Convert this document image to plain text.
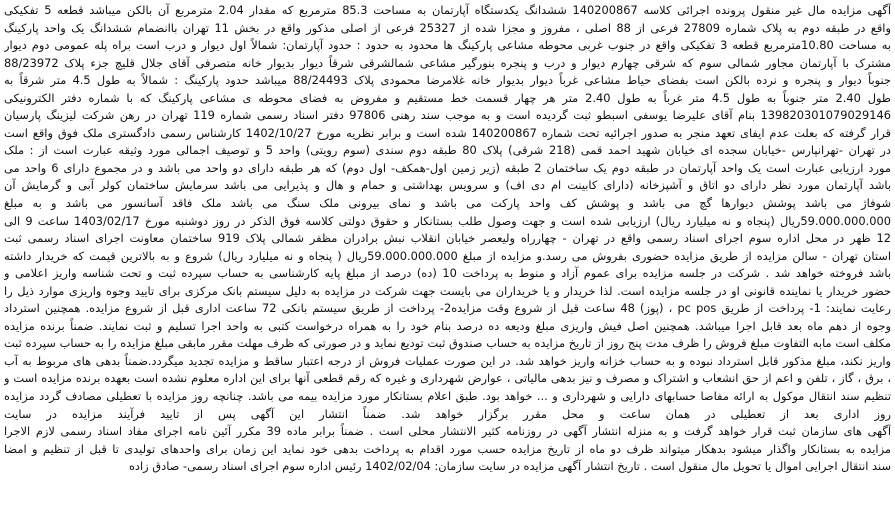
آگهی مزایده مال غیر منقول پرونده اجرائی کلاسه 140200867 ششدانگ یکدستگاه آپارتمان به مساحت 85.3 مترمربع که مقدار 2.04 مترمربع آن بالکن میباشد قطعه 5 تفکیکی
واقع در طبقه دوم به پلاک شماره 27809 فرعی از 88 اصلی ، مفروز و مجزا شده از 25327 فرعی از اصلی مذکور واقع در بخش 11 تهران باانضمام ششدانگ یک واحد پارکینگ
به مساحت 10.80مترمربع قطعه 3 تفکیکی واقع در جنوب غربی محوطه مشاعی پارکینگ ها محدود به حدود : حدود آپارتمان: شمالاً اول دیوار و درب است براه پله عمومی دوم دیوار
مشترک با آپارتمان مجاور شمالی سوم که شرقی چهارم دیوار و درب و پنجره بنورگیر مشاعی شمالشرقی شرقاً دیوار بدیوار خانه متصرفی آقای جلال قلیچ جزء پلاک 88/23972
جنوباً دیوار و پنجره و نرده بالکن است بفضای حیاط مشاعی غرباً دیوار بدیوار خانه غلامرضا محمودی پلاک 88/24493 میباشد حدود پارکینگ : شمالاً به طول 4.5 متر شرقاً به
طول 2.40 متر جنوباً به طول 4.5 متر غرباً به طول 2.40 متر هر چهار قسمت خط مستقیم و مفروض به فضای محوطه ی مشاعی پارکینگ که با شماره دفتر الکترونیکی
139820301079029146 بنام آقای علیرضا یوسفی اسبطو ثبت گردیده است و به موجب سند رهنی 97806 دفتر اسناد رسمی شماره 119 تهران در رهن شرکت لیزینگ پارسیان
قرار گرفته که بعلت عدم ایفای تعهد منجر به صدور اجرائیه تحت شماره 140200867 شده است و برابر نظریه مورخ 1402/10/27 کارشناس رسمی دادگستری ملک فوق واقع است
در تهران -تهرانپارس -خیابان سجده ای خیابان شهید احمد قمی (218 شرقی) پلاک 80 طبقه دوم سندی (سوم رویتی) واحد 5 و توصیف اجمالی مورد وثیقه عبارت است از : ملک
مورد ارزیابی عبارت است یک واحد آپارتمان در طبقه دوم یک ساختمان 2 طبقه (زیر زمین اول-همکف- اول دوم) که هر طبقه دارای دو واحد می باشد و در مجموع دارای 6 واحد می
باشد آپارتمان مورد نظر دارای دو اتاق و آشپزخانه (دارای کابینت ام دی اف) و سرویس بهداشتی و حمام و هال و پذیرایی می باشد سرمایش ساختمان کولر آبی و گرمایش آن
شوفاژ می باشد پوشش دیوارها گچ می باشد و پوشش کف واحد پارکت می باشد و نمای بیرونی ملک سنگ می باشد ملک فاقد آسانسور می باشد و به مبلغ
59.000.000.000ریال (پنجاه و نه میلیارد ریال) ارزیابی شده است و جهت وصول طلب بستانکار و حقوق دولتی کلاسه فوق الذکر در روز دوشنبه مورخ 1403/02/17 ساعت 9 الی
12 ظهر در محل اداره سوم اجرای اسناد رسمی واقع در تهران - چهارراه ولیعصر خیابان انقلاب نبش برادران مظفر شمالی پلاک 919 ساختمان معاونت اجرای اسناد رسمی ثبت
استان تهران - سالن مزایده از طریق مزایده حضوری بفروش می رسد.و مزایده از مبلغ 59.000.000.000ریال ( پنجاه و نه میلیارد ریال) شروع و به بالاترین قیمت که خریدار داشته
باشد فروخته خواهد شد . شرکت در جلسه مزایده برای عموم آزاد و منوط به پرداخت 10 (ده) درصد از مبلغ پایه کارشناسی به حساب سپرده ثبت و تحت شناسه واریز اعلامی و
حضور خریدار یا نماینده قانونی او در جلسه مزایده است. لذا خریدار و یا خریداران می بایست جهت شرکت در مزایده به دلیل سیستم بانک مرکزی برای تایید وجوه واریزی موارد ذیل را
رعایت نمایند: 1- پرداخت از طریق pc pos ، (پوز) 48 ساعت قبل از شروع وقت مزایده2- پرداخت از طریق سیستم بانکی 72 ساعت اداری قبل از شروع مزایده. همچنین استرداد
وجوه از دهم ماه بعد قابل اجرا میباشد. همچنین اصل فیش واریزی مبلغ ودیعه ده درصد بنام خود را به همراه درخواست کتبی به واحد اجرا تسلیم و ثبت نمایند. ضمناً برنده مزایده
مکلف است مابه التفاوت مبلغ فروش را ظرف مدت پنج روز از تاریخ مزایده به حساب صندوق ثبت تودیع نماید و در صورتی که ظرف مهلت مقرر مابقی مبلغ مزایده را به حساب سپرده ثبت
واریز نکند، مبلغ مذکور قابل استرداد نبوده و به حساب خزانه واریز خواهد شد. در این صورت عملیات فروش از درجه اعتبار ساقط و مزایده تجدید میگردد.ضمناً بدهی های مربوط به آب
، برق ، گاز ، تلفن و اعم از حق انشعاب و اشتراک و مصرف و نیز بدهی مالیاتی ، عوارض شهرداری و غیره که رقم قطعی آنها برای این اداره معلوم نشده است بعهده برنده مزایده است و
تنظیم سند انتقال موکول به ارائه مفاصا حسابهای دارایی و شهرداری و ... خواهد بود. طبق اعلام بستانکار مورد مزایده بیمه می باشد. چنانچه روز مزایده با تعطیلی مصادف گردد مزایده
روز اداری بعد از تعطیلی در همان ساعت و محل مقرر برگزار خواهد شد. ضمناً انتشار این آگهی پس از تایید فرآیند مزایده در سایت
آگهی های سازمان ثبت قرار خواهد گرفت و به منزله انتشار آگهی در روزنامه کثیر الانتشار محلی است . ضمناً برابر ماده 39 مکرر آئین نامه اجرای مفاد اسناد رسمی لازم الاجرا
مزایده به بستانکار واگذار میشود بدهکار میتواند ظرف دو ماه از تاریخ مزایده حسب مورد اقدام به پرداخت بدهی خود نماید این زمان برای واحدهای تولیدی تا قبل از تنظیم و امضا
سند انتقال اجرایی اموال یا تحویل مال منقول است . تاریخ انتشار آگهی مزایده در سایت سازمان: 1402/02/04 رئیس اداره سوم اجرای اسناد رسمی- صادق زاده
